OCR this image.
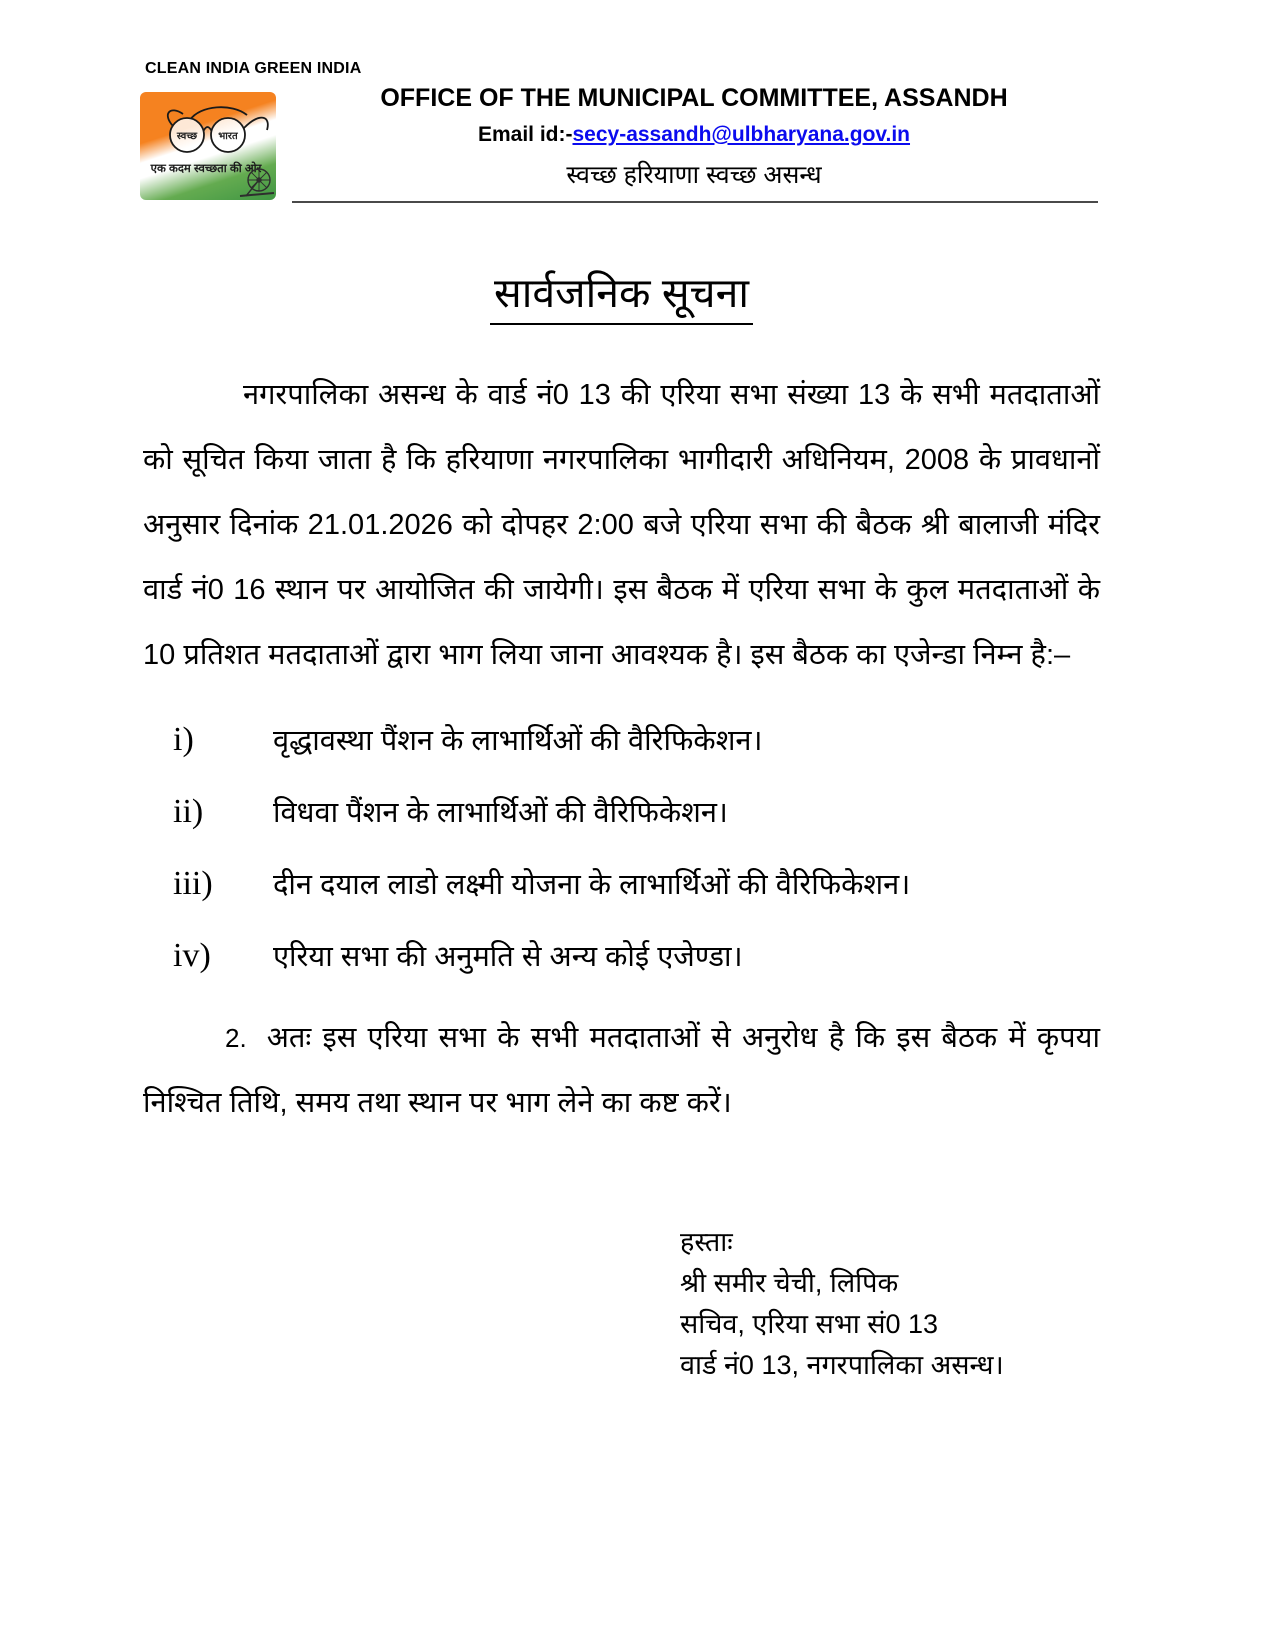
CLEAN INDIA GREEN INDIA
स्वच्छ भारत
एक कदम स्वच्छता की ओर
OFFICE OF THE MUNICIPAL COMMITTEE, ASSANDH
Email id:-secy-assandh@ulbharyana.gov.in
स्वच्छ हरियाणा स्वच्छ असन्ध
सार्वजनिक सूचना

नगरपालिका असन्ध के वार्ड नं0 13 की एरिया सभा संख्या 13 के सभी मतदाताओं को सूचित किया जाता है कि हरियाणा नगरपालिका भागीदारी अधिनियम, 2008 के प्रावधानों अनुसार दिनांक 21.01.2026 को दोपहर 2:00 बजे एरिया सभा की बैठक श्री बालाजी मंदिर वार्ड नं0 16 स्थान पर आयोजित की जायेगी। इस बैठक में एरिया सभा के कुल मतदाताओं के 10 प्रतिशत मतदाताओं द्वारा भाग लिया जाना आवश्यक है। इस बैठक का एजेन्डा निम्न है:–

i)	वृद्धावस्था पैंशन के लाभार्थिओं की वैरिफिकेशन।
ii)	विधवा पैंशन के लाभार्थिओं की वैरिफिकेशन।
iii)	दीन दयाल लाडो लक्ष्मी योजना के लाभार्थिओं की वैरिफिकेशन।
iv)	एरिया सभा की अनुमति से अन्य कोई एजेण्डा।

2. अतः इस एरिया सभा के सभी मतदाताओं से अनुरोध है कि इस बैठक में कृपया निश्चित तिथि, समय तथा स्थान पर भाग लेने का कष्ट करें।

हस्ताः
श्री समीर चेची, लिपिक
सचिव, एरिया सभा सं0 13
वार्ड नं0 13, नगरपालिका असन्ध।
